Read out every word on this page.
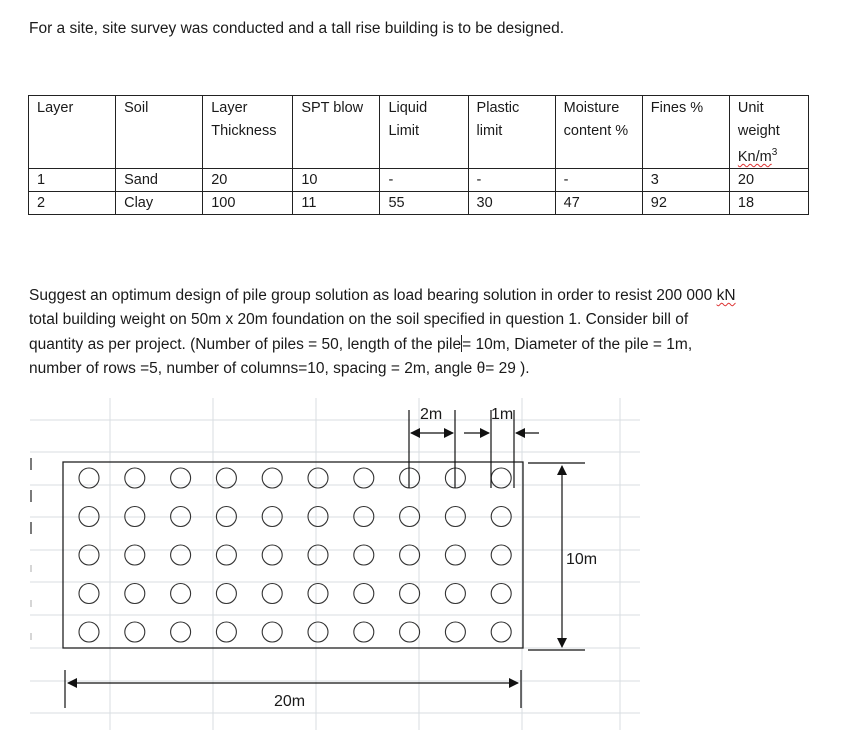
For a site, site survey was conducted and a tall rise building is to be designed.
Layer	Soil	Layer Thickness	SPT blow	Liquid Limit	Plastic limit	Moisture content %	Fines %	Unit
weight
$Kn/m^3$
1	Sand	20	10	-	-	-	3	20
2	Clay	100	11	55	30	47	92	18

Suggest an optimum design of pile group solution as load bearing solution in order to resist 200 000 kN

total building weight on 50m x 20m foundation on the soil specified in question 1. Consider bill of

quantity as per project. (Number of piles = 50, length of the pile= 10m, Diameter of the pile = 1m,

number of rows =5, number of columns=10, spacing = 2m, angle θ= 29 ).

2m	1m
10m
20m
